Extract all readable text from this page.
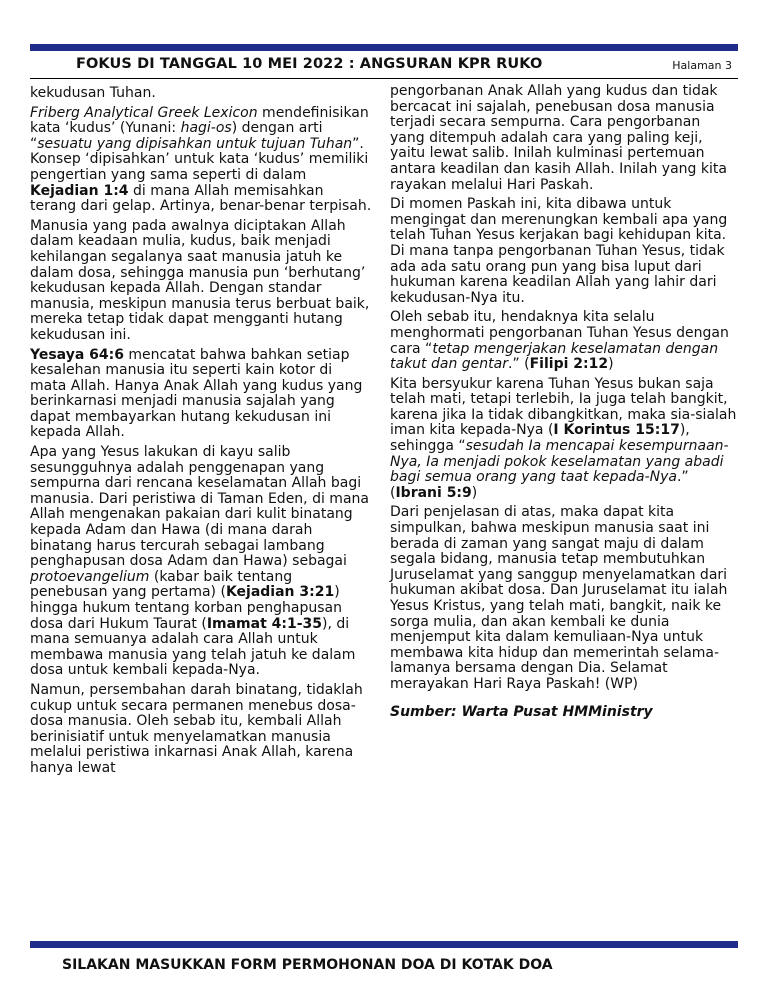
FOKUS DI TANGGAL 10 MEI 2022 : ANGSURAN KPR RUKO	Halaman 3

kekudusan Tuhan.

Friberg Analytical Greek Lexicon mendefinisikan kata ‘kudus’ (Yunani: hagi-os) dengan arti “sesuatu yang dipisahkan untuk tujuan Tuhan”. Konsep ‘dipisahkan’ untuk kata ‘kudus’ memiliki pengertian yang sama seperti di dalam Kejadian 1:4 di mana Allah memisahkan terang dari gelap. Artinya, benar-benar terpisah.

Manusia yang pada awalnya diciptakan Allah dalam keadaan mulia, kudus, baik menjadi kehilangan segalanya saat manusia jatuh ke dalam dosa, sehingga manusia pun ‘berhutang’ kekudusan kepada Allah. Dengan standar manusia, meskipun manusia terus berbuat baik, mereka tetap tidak dapat mengganti hutang kekudusan ini.

Yesaya 64:6 mencatat bahwa bahkan setiap kesalehan manusia itu seperti kain kotor di mata Allah. Hanya Anak Allah yang kudus yang berinkarnasi menjadi manusia sajalah yang dapat membayarkan hutang kekudusan ini kepada Allah.

Apa yang Yesus lakukan di kayu salib sesungguhnya adalah penggenapan yang sempurna dari rencana keselamatan Allah bagi manusia. Dari peristiwa di Taman Eden, di mana Allah mengenakan pakaian dari kulit binatang kepada Adam dan Hawa (di mana darah binatang harus tercurah sebagai lambang penghapusan dosa Adam dan Hawa) sebagai protoevangelium (kabar baik tentang penebusan yang pertama) (Kejadian 3:21) hingga hukum tentang korban penghapusan dosa dari Hukum Taurat (Imamat 4:1-35), di mana semuanya adalah cara Allah untuk membawa manusia yang telah jatuh ke dalam dosa untuk kembali kepada-Nya.

Namun, persembahan darah binatang, tidaklah cukup untuk secara permanen menebus dosa-dosa manusia. Oleh sebab itu, kembali Allah berinisiatif untuk menyelamatkan manusia melalui peristiwa inkarnasi Anak Allah, karena hanya lewat

pengorbanan Anak Allah yang kudus dan tidak bercacat ini sajalah, penebusan dosa manusia terjadi secara sempurna. Cara pengorbanan yang ditempuh adalah cara yang paling keji, yaitu lewat salib. Inilah kulminasi pertemuan antara keadilan dan kasih Allah. Inilah yang kita rayakan melalui Hari Paskah.

Di momen Paskah ini, kita dibawa untuk mengingat dan merenungkan kembali apa yang telah Tuhan Yesus kerjakan bagi kehidupan kita. Di mana tanpa pengorbanan Tuhan Yesus, tidak ada ada satu orang pun yang bisa luput dari hukuman karena keadilan Allah yang lahir dari kekudusan-Nya itu.

Oleh sebab itu, hendaknya kita selalu menghormati pengorbanan Tuhan Yesus dengan cara “tetap mengerjakan keselamatan dengan takut dan gentar.” (Filipi 2:12)

Kita bersyukur karena Tuhan Yesus bukan saja telah mati, tetapi terlebih, Ia juga telah bangkit, karena jika Ia tidak dibangkitkan, maka sia-sialah iman kita kepada-Nya (I Korintus 15:17), sehingga “sesudah Ia mencapai kesempurnaan-Nya, Ia menjadi pokok keselamatan yang abadi bagi semua orang yang taat kepada-Nya.” (Ibrani 5:9)

Dari penjelasan di atas, maka dapat kita simpulkan, bahwa meskipun manusia saat ini berada di zaman yang sangat maju di dalam segala bidang, manusia tetap membutuhkan Juruselamat yang sanggup menyelamatkan dari hukuman akibat dosa. Dan Juruselamat itu ialah Yesus Kristus, yang telah mati, bangkit, naik ke sorga mulia, dan akan kembali ke dunia menjemput kita dalam kemuliaan-Nya untuk membawa kita hidup dan memerintah selama-lamanya bersama dengan Dia. Selamat merayakan Hari Raya Paskah! (WP)

Sumber: Warta Pusat HMMinistry

SILAKAN MASUKKAN FORM PERMOHONAN DOA DI KOTAK DOA
